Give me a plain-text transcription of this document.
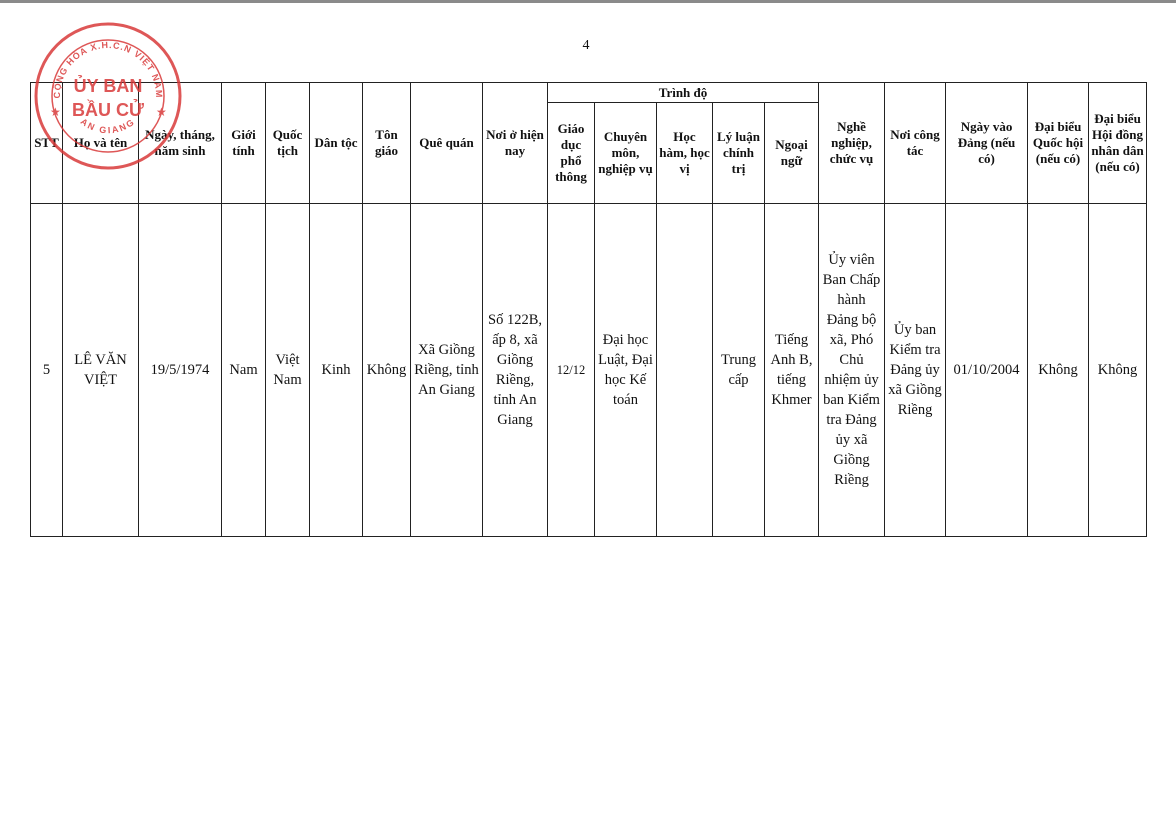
4
STT	Họ và tên	Ngày, tháng, năm sinh	Giới tính	Quốc tịch	Dân tộc	Tôn giáo	Quê quán	Nơi ở hiện nay	Trình độ					Nghề nghiệp, chức vụ	Nơi công tác	Ngày vào Đảng (nếu có)	Đại biểu Quốc hội (nếu có)	Đại biểu Hội đồng nhân dân (nếu có)
									Giáo dục phổ thông	Chuyên môn, nghiệp vụ	Học hàm, học vị	Lý luận chính trị	Ngoại ngữ					
5	LÊ VĂN VIỆT	19/5/1974	Nam	Việt Nam	Kinh	Không	Xã Giồng Riềng, tỉnh An Giang	Số 122B, ấp 8, xã Giồng Riềng, tỉnh An Giang	12/12	Đại học Luật, Đại học Kế toán		Trung cấp	Tiếng Anh B, tiếng Khmer	Ủy viên Ban Chấp hành Đảng bộ xã, Phó Chủ nhiệm ủy ban Kiểm tra Đảng ủy xã Giồng Riềng	Ủy ban Kiểm tra Đảng ủy xã Giồng Riềng	01/10/2004	Không	Không
CỘNG HÒA X.H.C.N VIỆT NAM
AN GIANG
★	★
ỦY BAN
BẦU CỬ
